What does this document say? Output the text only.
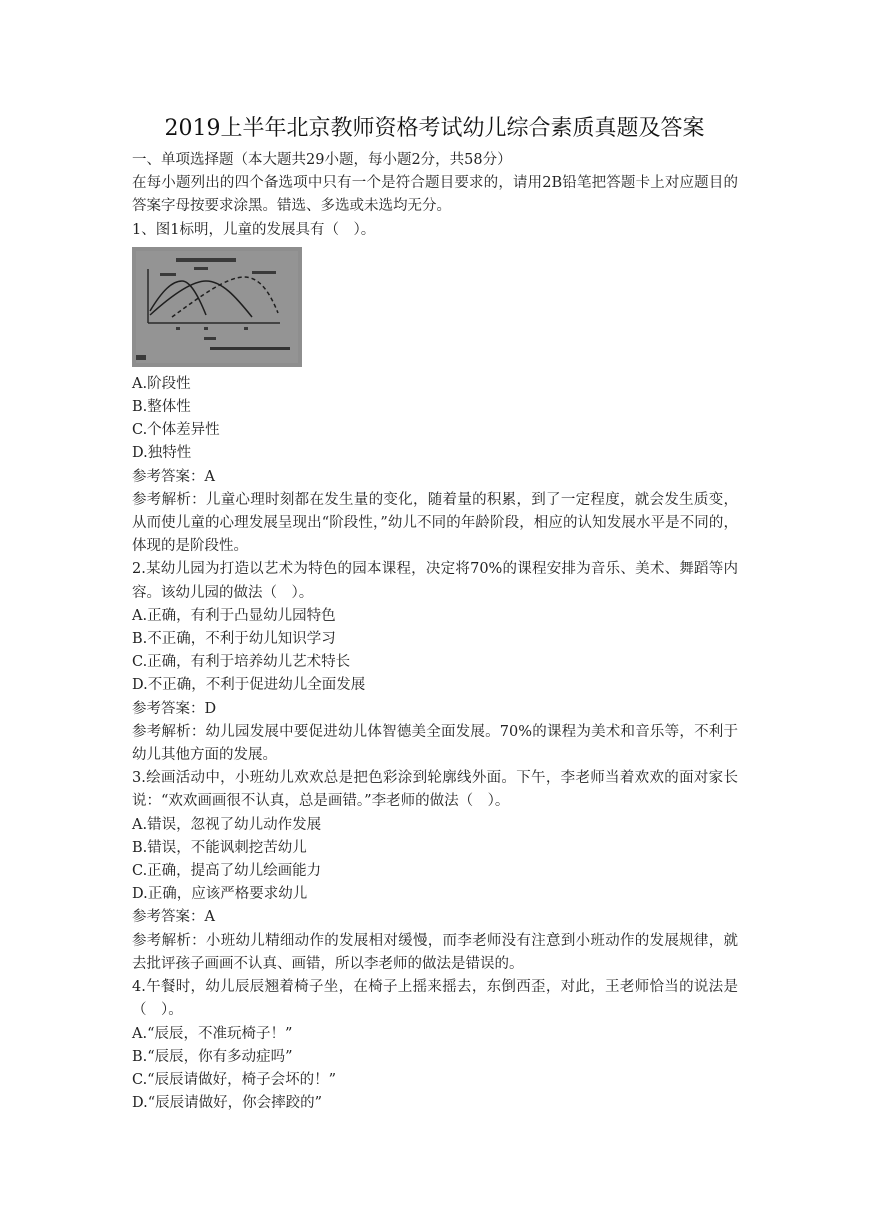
2019上半年北京教师资格考试幼儿综合素质真题及答案

一、单项选择题（本大题共29小题，每小题2分，共58分）

在每小题列出的四个备选项中只有一个是符合题目要求的，请用2B铅笔把答题卡上对应题目的答案字母按要求涂黑。错选、多选或未选均无分。

1、图1标明，儿童的发展具有（　）。

A.阶段性

B.整体性

C.个体差异性

D.独特性

参考答案：A

参考解析：儿童心理时刻都在发生量的变化，随着量的积累，到了一定程度，就会发生质变，从而使儿童的心理发展呈现出“阶段性，”幼儿不同的年龄阶段，相应的认知发展水平是不同的，体现的是阶段性。

2.某幼儿园为打造以艺术为特色的园本课程，决定将70%的课程安排为音乐、美术、舞蹈等内容。该幼儿园的做法（　）。

A.正确，有利于凸显幼儿园特色

B.不正确，不利于幼儿知识学习

C.正确，有利于培养幼儿艺术特长

D.不正确，不利于促进幼儿全面发展

参考答案：D

参考解析：幼儿园发展中要促进幼儿体智德美全面发展。70%的课程为美术和音乐等，不利于幼儿其他方面的发展。

3.绘画活动中，小班幼儿欢欢总是把色彩涂到轮廓线外面。下午，李老师当着欢欢的面对家长说：“欢欢画画很不认真，总是画错。”李老师的做法（　）。

A.错误，忽视了幼儿动作发展

B.错误，不能讽刺挖苦幼儿

C.正确，提高了幼儿绘画能力

D.正确，应该严格要求幼儿

参考答案：A

参考解析：小班幼儿精细动作的发展相对缓慢，而李老师没有注意到小班动作的发展规律，就去批评孩子画画不认真、画错，所以李老师的做法是错误的。

4.午餐时，幼儿辰辰翘着椅子坐，在椅子上摇来摇去，东倒西歪，对此，王老师恰当的说法是（　）。

A.“辰辰，不准玩椅子！”

B.“辰辰，你有多动症吗”

C.“辰辰请做好，椅子会坏的！”

D.“辰辰请做好，你会摔跤的”
